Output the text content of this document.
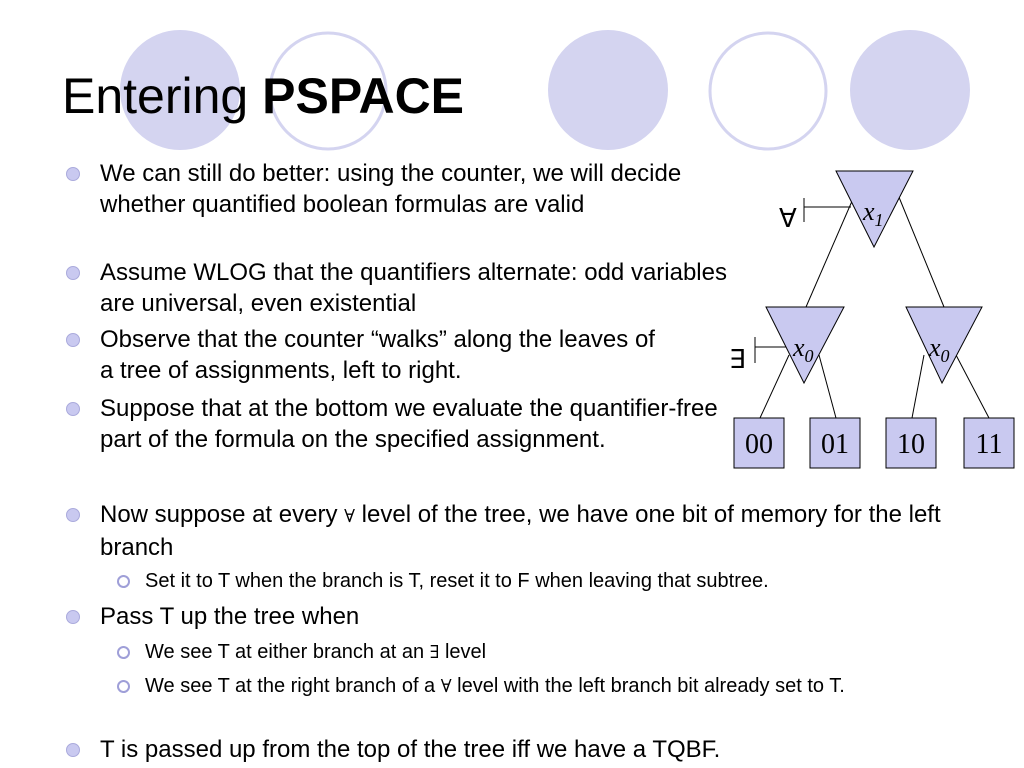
Entering PSPACE
We can still do better: using the counter, we will decide whether quantified boolean formulas are valid
Assume WLOG that the quantifiers alternate: odd variables are universal, even existential
Observe that the counter “walks” along the leaves of a tree of assignments, left to right.
Suppose that at the bottom we evaluate the quantifier-free part of the formula on the specified assignment.
Now suppose at every ∀ level of the tree, we have one bit of memory for the left branch
Set it to T when the branch is T, reset it to F when leaving that subtree.
Pass T up the tree when
We see T at either branch at an ∃ level
We see T at the right branch of a ∀ level with the left branch bit already set to T.
T is passed up from the top of the tree iff we have a TQBF.
∀
∃
$x_1$
$x_0$	$x_0$
00 01 10 11
